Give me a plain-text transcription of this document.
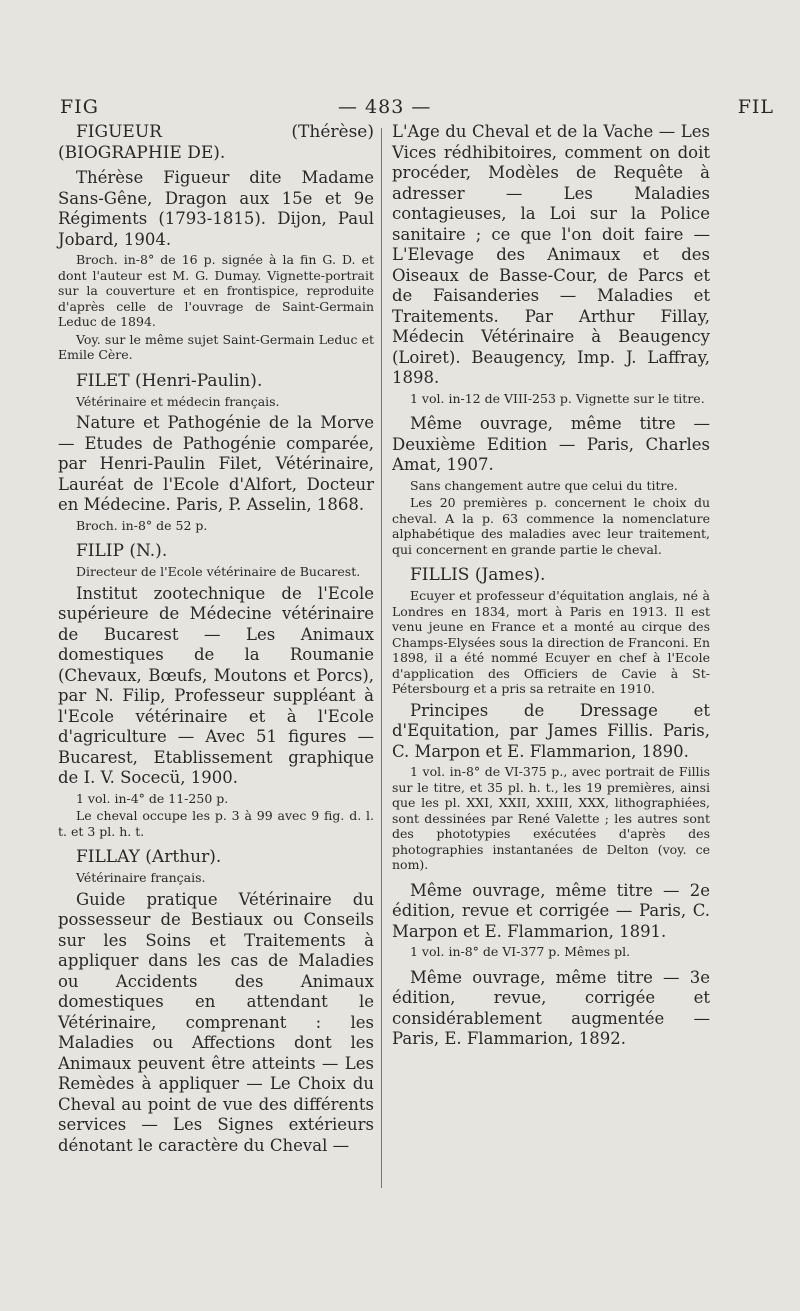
FIG	— 483 —	FIL

FIGUEUR (Thérèse) (BIOGRAPHIE DE).

Thérèse Figueur dite Madame Sans-Gêne, Dragon aux 15e et 9e Régiments (1793-1815). Dijon, Paul Jobard, 1904.

Broch. in-8° de 16 p. signée à la fin G. D. et dont l'auteur est M. G. Dumay. Vignette-portrait sur la couverture et en frontispice, reproduite d'après celle de l'ouvrage de Saint-Germain Leduc de 1894.

Voy. sur le même sujet Saint-Germain Leduc et Emile Cère.

FILET (Henri-Paulin).

Vétérinaire et médecin français.

Nature et Pathogénie de la Morve — Etudes de Pathogénie comparée, par Henri-Paulin Filet, Vétérinaire, Lauréat de l'Ecole d'Alfort, Docteur en Médecine. Paris, P. Asselin, 1868.

Broch. in-8° de 52 p.

FILIP (N.).

Directeur de l'Ecole vétérinaire de Bucarest.

Institut zootechnique de l'Ecole supérieure de Médecine vétérinaire de Bucarest — Les Animaux domestiques de la Roumanie (Chevaux, Bœufs, Moutons et Porcs), par N. Filip, Professeur suppléant à l'Ecole vétérinaire et à l'Ecole d'agriculture — Avec 51 figures — Bucarest, Etablissement graphique de I. V. Socecü, 1900.

1 vol. in-4° de 11-250 p.

Le cheval occupe les p. 3 à 99 avec 9 fig. d. l. t. et 3 pl. h. t.

FILLAY (Arthur).

Vétérinaire français.

Guide pratique Vétérinaire du possesseur de Bestiaux ou Conseils sur les Soins et Traitements à appliquer dans les cas de Maladies ou Accidents des Animaux domestiques en attendant le Vétérinaire, comprenant : les Maladies ou Affections dont les Animaux peuvent être atteints — Les Remèdes à appliquer — Le Choix du Cheval au point de vue des différents services — Les Signes extérieurs dénotant le caractère du Cheval —

L'Age du Cheval et de la Vache — Les Vices rédhibitoires, comment on doit procéder, Modèles de Requête à adresser — Les Maladies contagieuses, la Loi sur la Police sanitaire ; ce que l'on doit faire — L'Elevage des Animaux et des Oiseaux de Basse-Cour, de Parcs et de Faisanderies — Maladies et Traitements. Par Arthur Fillay, Médecin Vétérinaire à Beaugency (Loiret). Beaugency, Imp. J. Laffray, 1898.

1 vol. in-12 de VIII-253 p. Vignette sur le titre.

Même ouvrage, même titre — Deuxième Edition — Paris, Charles Amat, 1907.

Sans changement autre que celui du titre.

Les 20 premières p. concernent le choix du cheval. A la p. 63 commence la nomenclature alphabétique des maladies avec leur traitement, qui concernent en grande partie le cheval.

FILLIS (James).

Ecuyer et professeur d'équitation anglais, né à Londres en 1834, mort à Paris en 1913. Il est venu jeune en France et a monté au cirque des Champs-Elysées sous la direction de Franconi. En 1898, il a été nommé Ecuyer en chef à l'Ecole d'application des Officiers de Cavie à St-Pétersbourg et a pris sa retraite en 1910.

Principes de Dressage et d'Equitation, par James Fillis. Paris, C. Marpon et E. Flammarion, 1890.

1 vol. in-8° de VI-375 p., avec portrait de Fillis sur le titre, et 35 pl. h. t., les 19 premières, ainsi que les pl. XXI, XXII, XXIII, XXX, lithographiées, sont dessinées par René Valette ; les autres sont des phototypies exécutées d'après des photographies instantanées de Delton (voy. ce nom).

Même ouvrage, même titre — 2e édition, revue et corrigée — Paris, C. Marpon et E. Flammarion, 1891.

1 vol. in-8° de VI-377 p. Mêmes pl.

Même ouvrage, même titre — 3e édition, revue, corrigée et considérablement augmentée — Paris, E. Flammarion, 1892.
